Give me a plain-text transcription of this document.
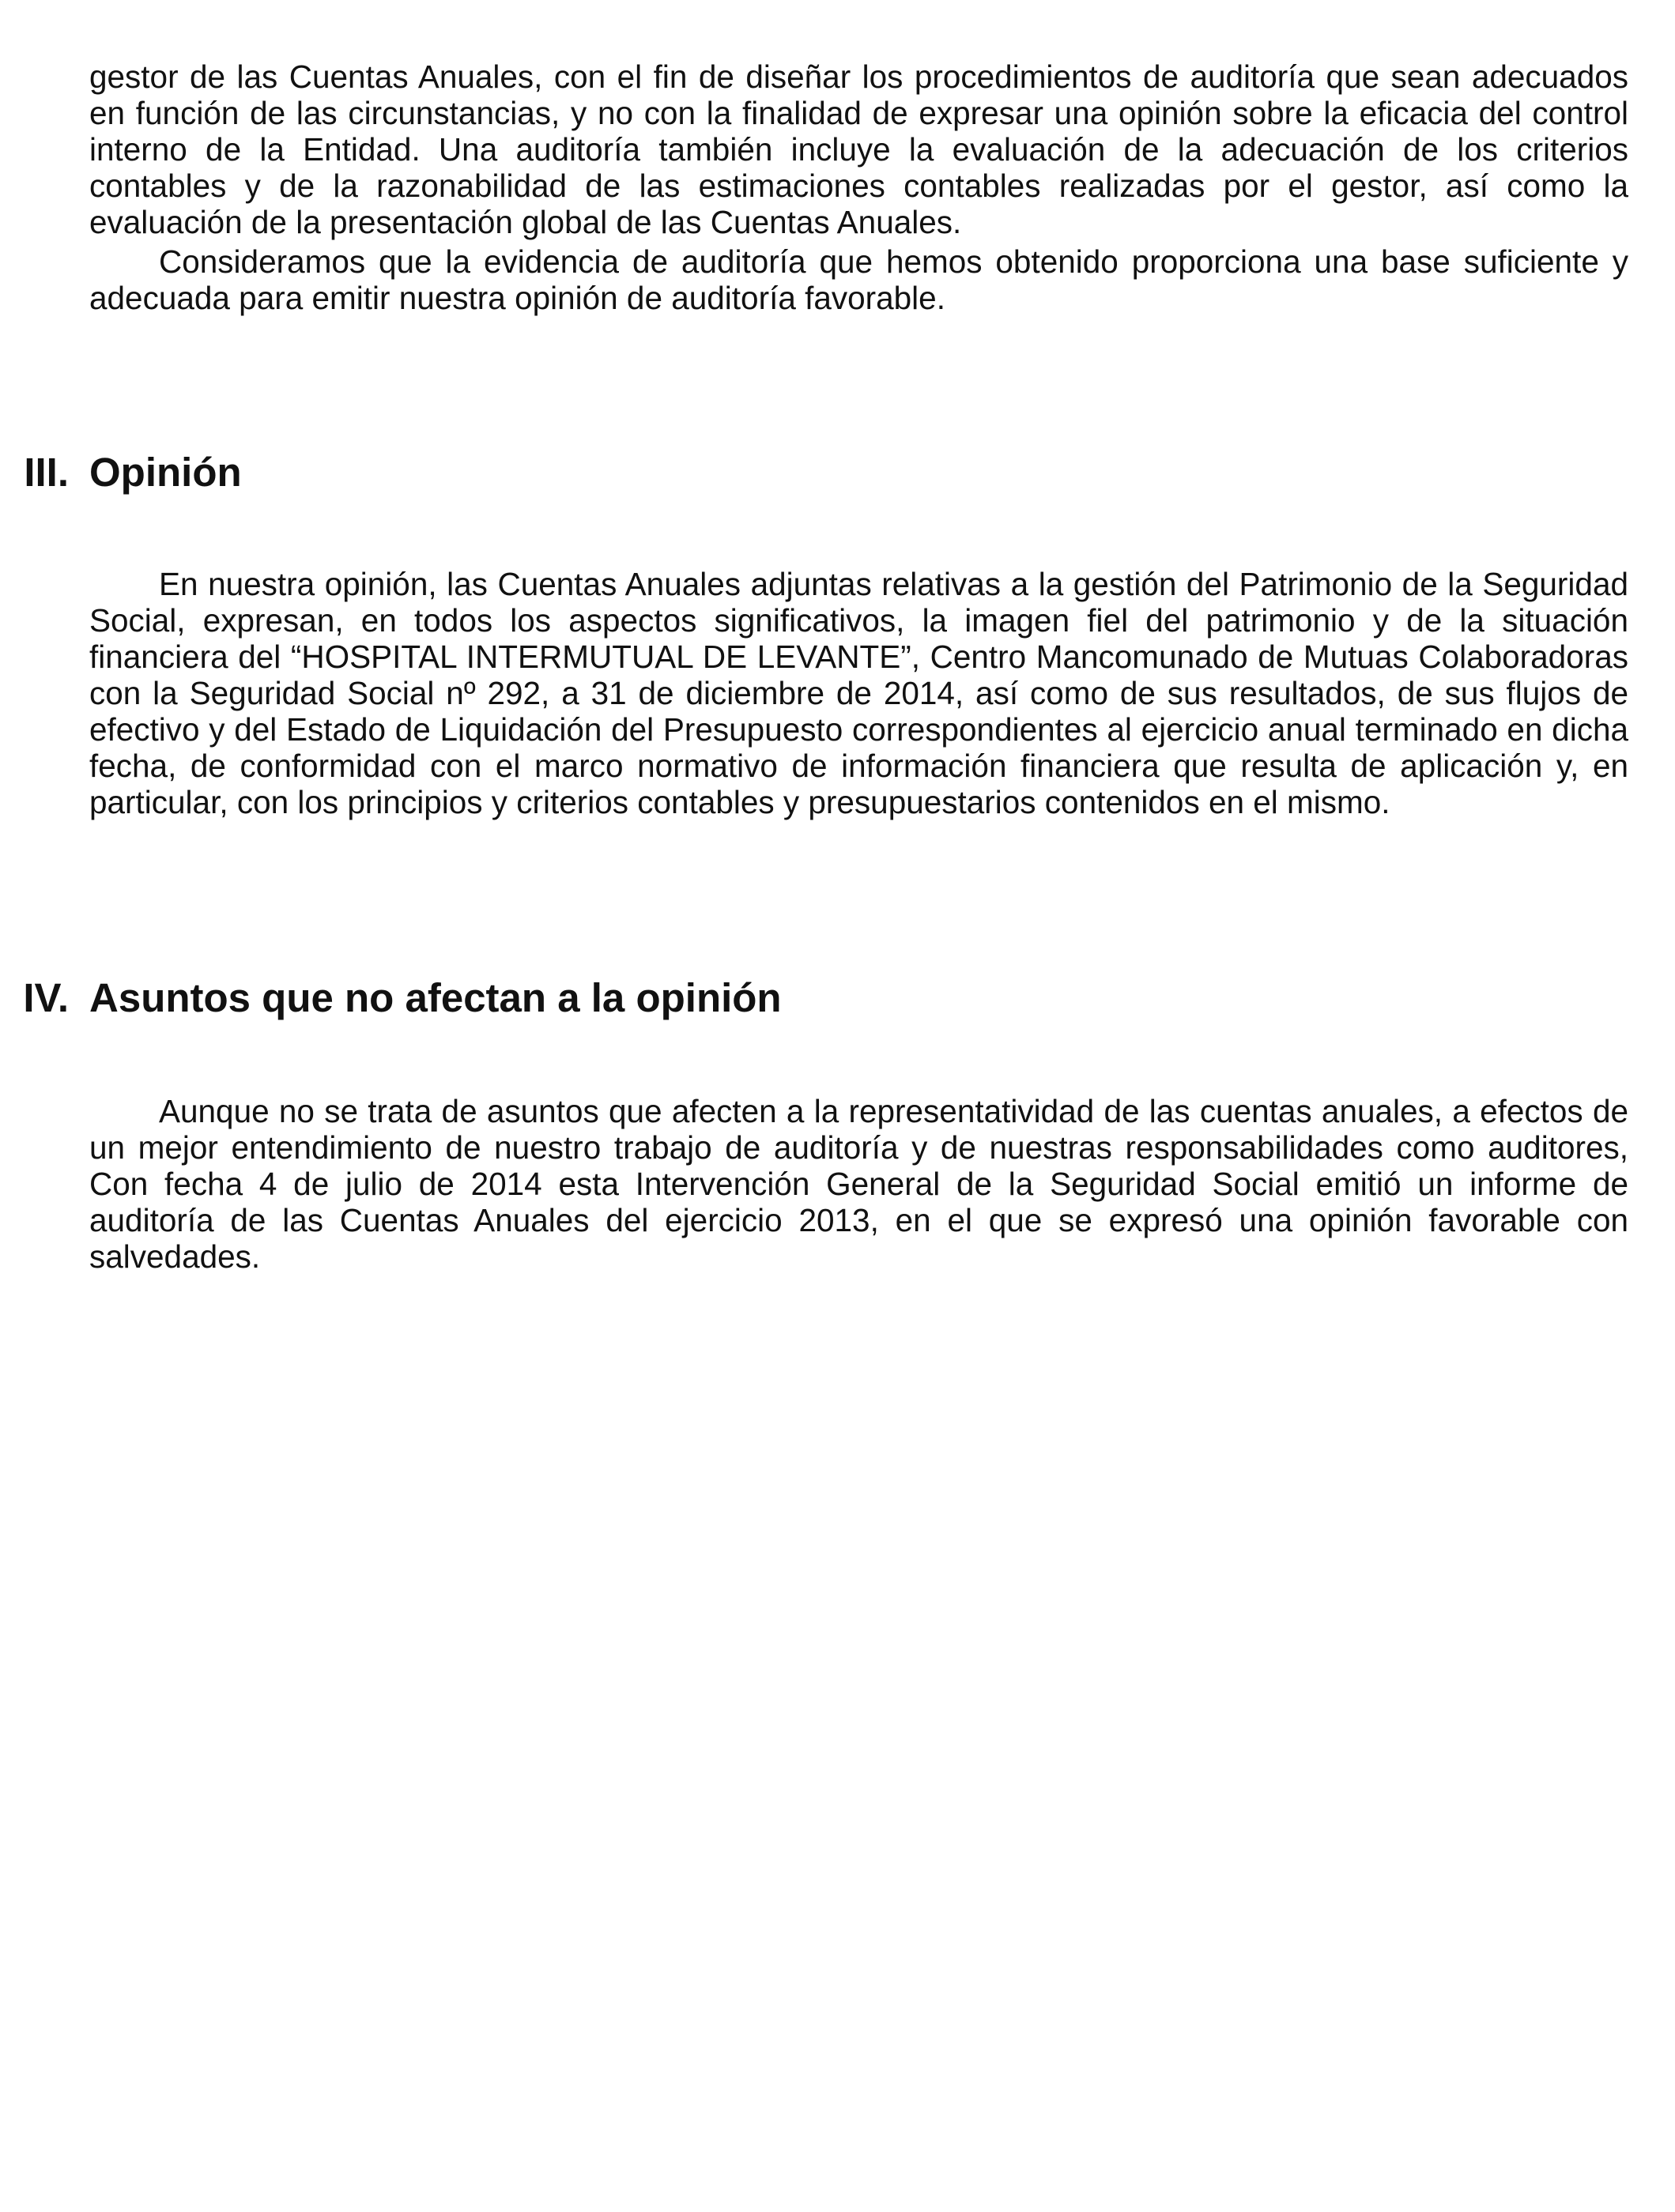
gestor de las Cuentas Anuales, con el fin de diseñar los procedimientos de auditoría que sean adecuados en función de las circunstancias, y no con la finalidad de expresar una opinión sobre la eficacia del control interno de la Entidad. Una auditoría también incluye la evaluación de la adecuación de los criterios contables y de la razonabilidad de las estimaciones contables realizadas por el gestor, así como la evaluación de la presentación global de las Cuentas Anuales.

Consideramos que la evidencia de auditoría que hemos obtenido proporciona una base suficiente y adecuada para emitir nuestra opinión de auditoría favorable.

III. Opinión

En nuestra opinión, las Cuentas Anuales adjuntas relativas a la gestión del Patrimonio de la Seguridad Social, expresan, en todos los aspectos significativos, la imagen fiel del patrimonio y de la situación financiera del “HOSPITAL INTERMUTUAL DE LEVANTE”, Centro Mancomunado de Mutuas Colaboradoras con la Seguridad Social nº 292, a 31 de diciembre de 2014, así como de sus resultados, de sus flujos de efectivo y del Estado de Liquidación del Presupuesto correspondientes al ejercicio anual terminado en dicha fecha, de conformidad con el marco normativo de información financiera que resulta de aplicación y, en particular, con los principios y criterios contables y presupuestarios contenidos en el mismo.

IV. Asuntos que no afectan a la opinión

Aunque no se trata de asuntos que afecten a la representatividad de las cuentas anuales, a efectos de un mejor entendimiento de nuestro trabajo de auditoría y de nuestras responsabilidades como auditores, Con fecha 4 de julio de 2014 esta Intervención General de la Seguridad Social emitió un informe de auditoría de las Cuentas Anuales del ejercicio 2013, en el que se expresó una opinión favorable con salvedades.
